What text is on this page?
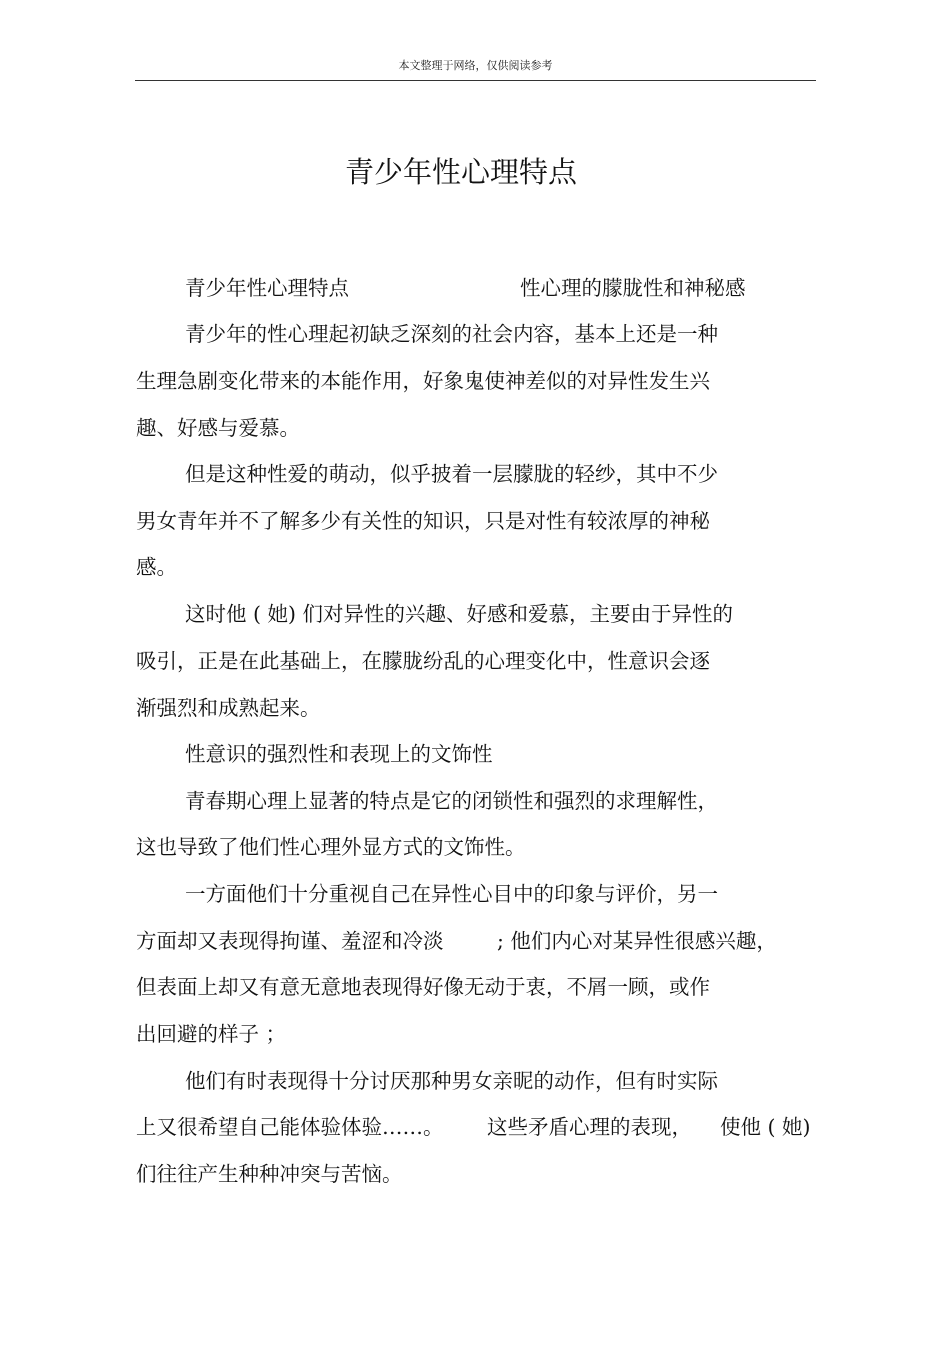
本文整理于网络，仅供阅读参考
青少年性心理特点
青少年性心理特点	性心理的朦胧性和神秘感
青少年的性心理起初缺乏深刻的社会内容，基本上还是一种
生理急剧变化带来的本能作用，好象鬼使神差似的对异性发生兴
趣、好感与爱慕。
但是这种性爱的萌动，似乎披着一层朦胧的轻纱，其中不少
男女青年并不了解多少有关性的知识，只是对性有较浓厚的神秘
感。
这时他 ( 她) 们对异性的兴趣、好感和爱慕，主要由于异性的
吸引，正是在此基础上，在朦胧纷乱的心理变化中，性意识会逐
渐强烈和成熟起来。
性意识的强烈性和表现上的文饰性
青春期心理上显著的特点是它的闭锁性和强烈的求理解性，
这也导致了他们性心理外显方式的文饰性。
一方面他们十分重视自己在异性心目中的印象与评价，另一
方面却又表现得拘谨、羞涩和冷淡	; 他们内心对某异性很感兴趣，
但表面上却又有意无意地表现得好像无动于衷，不屑一顾，或作
出回避的样子 ；
他们有时表现得十分讨厌那种男女亲昵的动作，但有时实际
上又很希望自己能体验体验……。 这些矛盾心理的表现， 使他 ( 她)
们往往产生种种冲突与苦恼。
